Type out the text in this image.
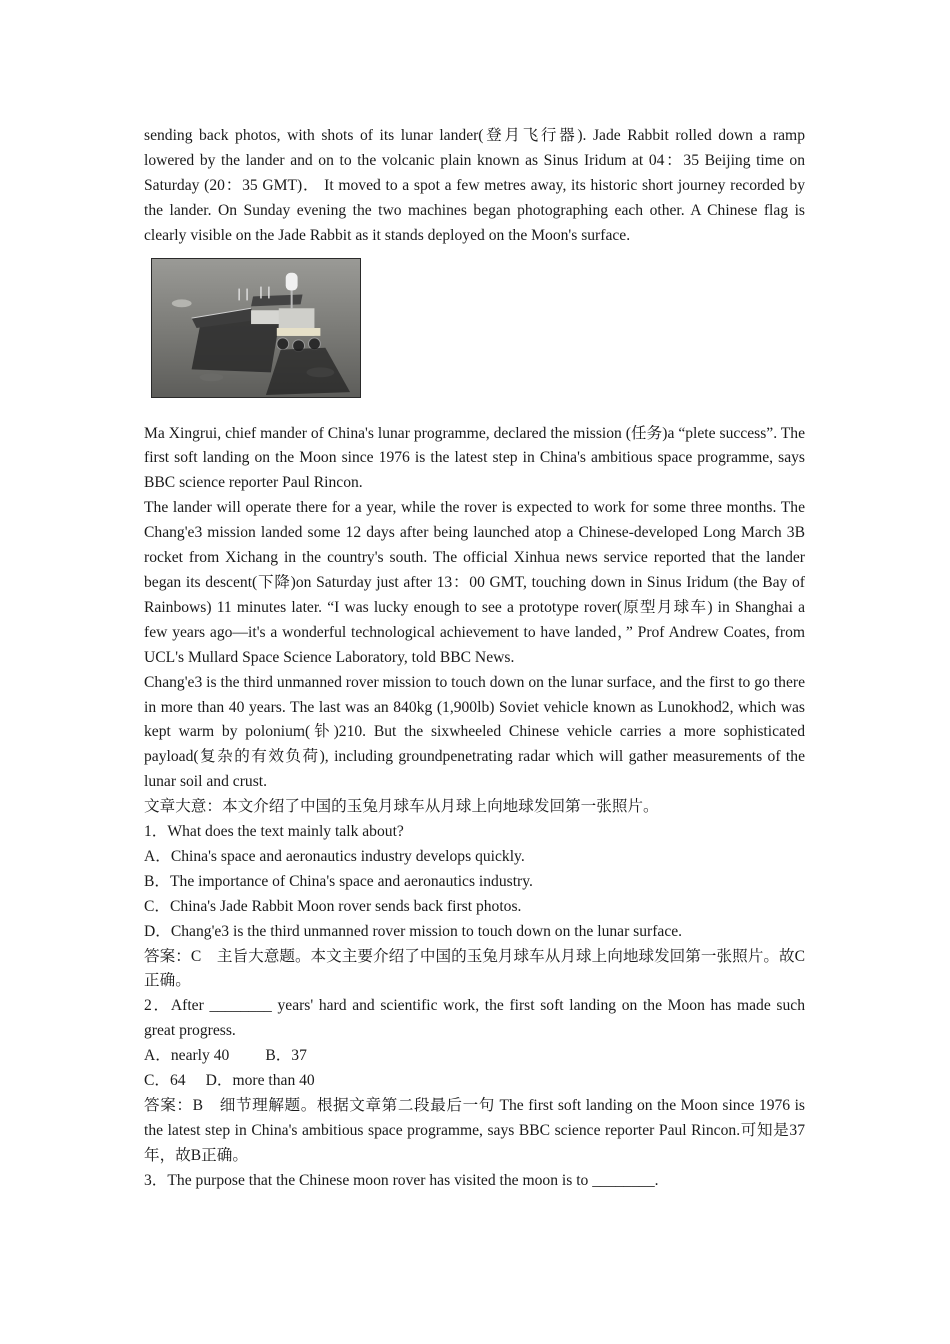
sending back photos, with shots of its lunar lander(登月飞行器). Jade Rabbit rolled down a ramp lowered by the lander and on to the volcanic plain known as Sinus Iridum at 04：35 Beijing time on Saturday (20：35 GMT)． It moved to a spot a few metres away, its historic short journey recorded by the lander. On Sunday evening the two machines began photographing each other. A Chinese flag is clearly visible on the Jade Rabbit as it stands deployed on the Moon's surface.

Ma Xingrui, chief mander of China's lunar programme, declared the mission (任务)a “plete success”. The first soft landing on the Moon since 1976 is the latest step in China's ambitious space programme, says BBC science reporter Paul Rincon.

The lander will operate there for a year, while the rover is expected to work for some three months. The Chang'e3 mission landed some 12 days after being launched atop a Chinese-developed Long March 3B rocket from Xichang in the country's south. The official Xinhua news service reported that the lander began its descent(下降)on Saturday just after 13：00 GMT, touching down in Sinus Iridum (the Bay of Rainbows) 11 minutes later. “I was lucky enough to see a prototype rover(原型月球车) in Shanghai a few years ago—it's a wonderful technological achievement to have landed，” Prof Andrew Coates, from UCL's Mullard Space Science Laboratory, told BBC News.

Chang'e3 is the third unmanned rover mission to touch down on the lunar surface, and the first to go there in more than 40 years. The last was an 840kg (1,900lb) Soviet vehicle known as Lunokhod2, which was kept warm by polonium(钋)210. But the sixwheeled Chinese vehicle carries a more sophisticated payload(复杂的有效负荷), including groundpenetrating radar which will gather measurements of the lunar soil and crust.

文章大意：本文介绍了中国的玉兔月球车从月球上向地球发回第一张照片。

1．What does the text mainly talk about?

A．China's space and aeronautics industry develops quickly.

B．The importance of China's space and aeronautics industry.

C．China's Jade Rabbit Moon rover sends back first photos.

D．Chang'e3 is the third unmanned rover mission to touch down on the lunar surface.

答案：C　主旨大意题。本文主要介绍了中国的玉兔月球车从月球上向地球发回第一张照片。故C正确。

2．After ________ years' hard and scientific work, the first soft landing on the Moon has made such great progress.

A．nearly 40 B．37

C．64 D．more than 40

答案：B　细节理解题。根据文章第二段最后一句 The first soft landing on the Moon since 1976 is the latest step in China's ambitious space programme, says BBC science reporter Paul Rincon.可知是37年，故B正确。

3．The purpose that the Chinese moon rover has visited the moon is to ________.
